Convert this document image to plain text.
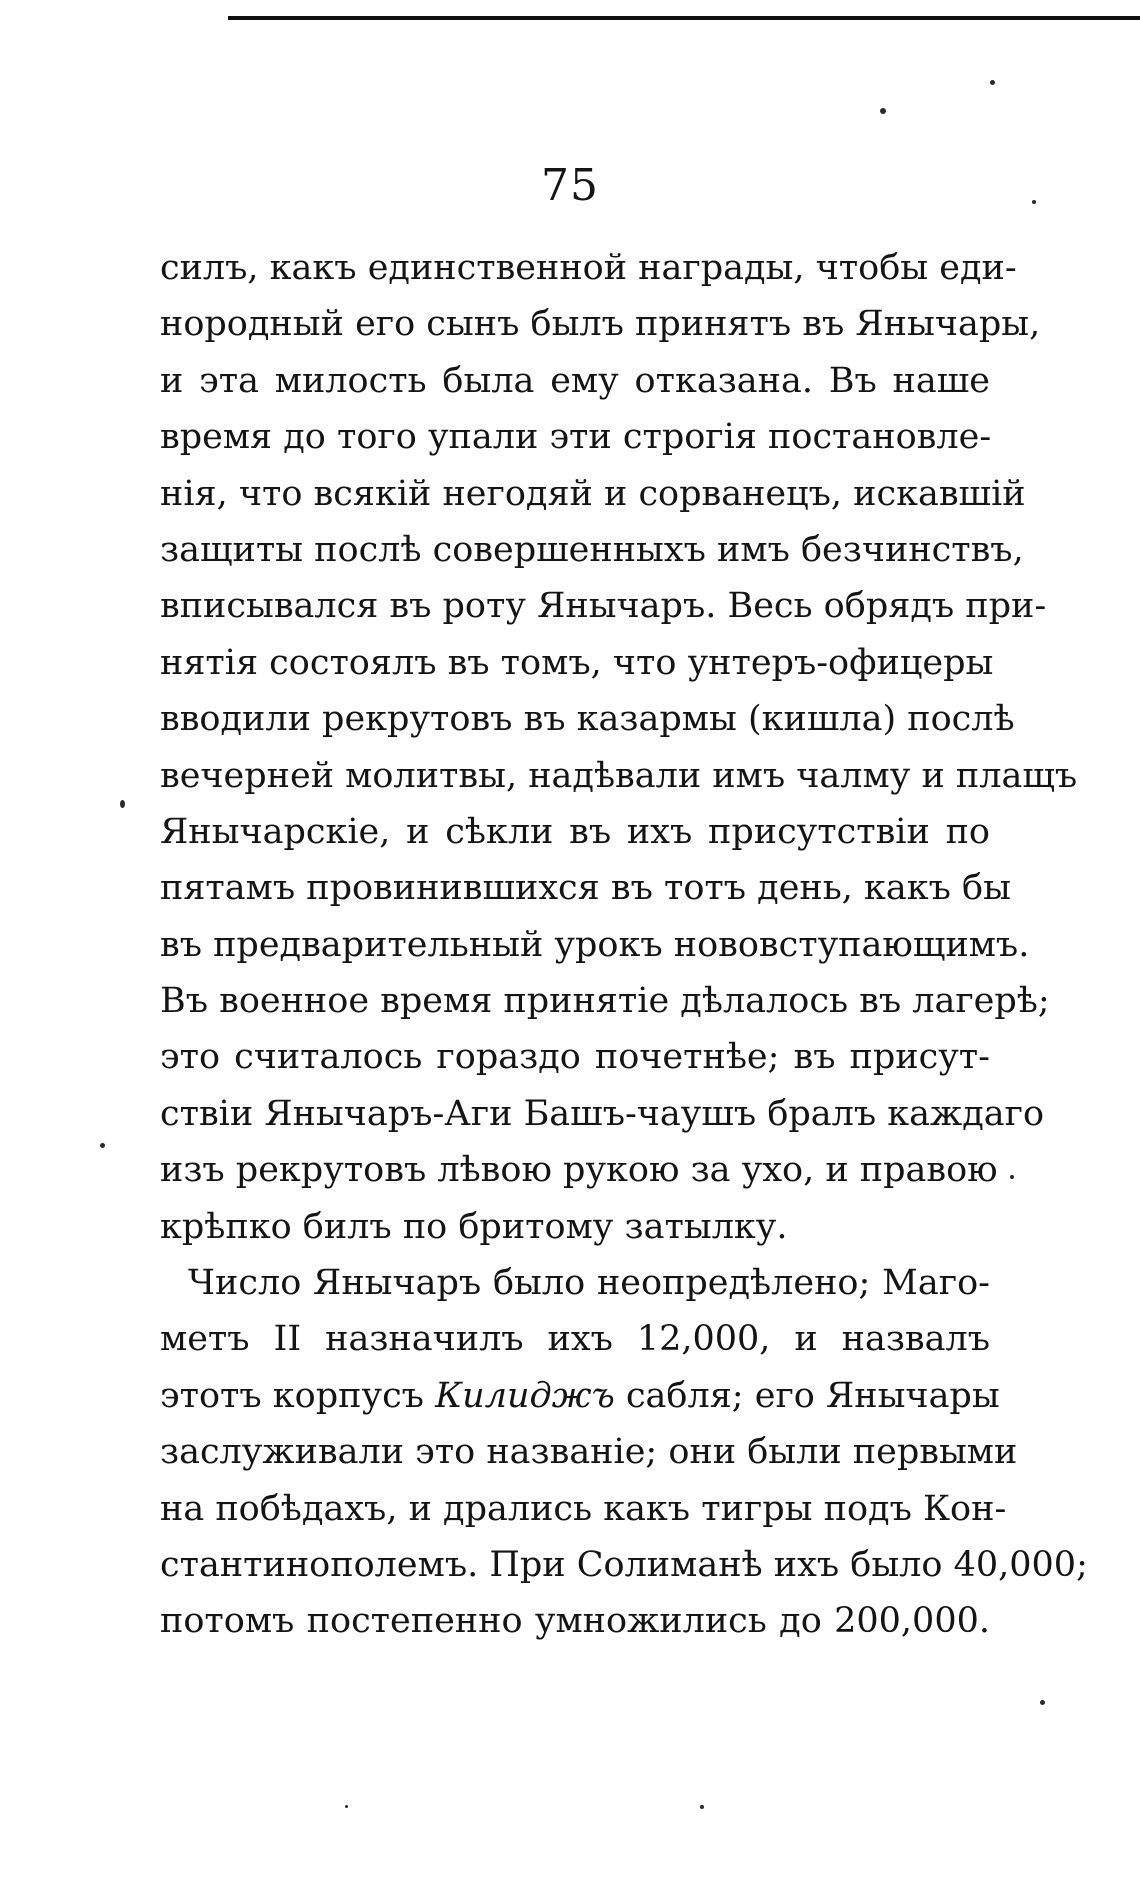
75
силъ, какъ единственной награды, чтобы еди-
нородный его сынъ былъ принятъ въ Янычары,
и эта милость была ему отказана. Въ наше
время до того упали эти строгія постановле-
нія, что всякій негодяй и сорванецъ, искавшій
защиты послѣ совершенныхъ имъ безчинствъ,
вписывался въ роту Янычаръ. Весь обрядъ при-
нятія состоялъ въ томъ, что унтеръ-офицеры
вводили рекрутовъ въ казармы (кишла) послѣ
вечерней молитвы, надѣвали имъ чалму и плащъ
Янычарскіе, и сѣкли въ ихъ присутствіи по
пятамъ провинившихся въ тотъ день, какъ бы
въ предварительный урокъ нововступающимъ.
Въ военное время принятіе дѣлалось въ лагерѣ;
это считалось гораздо почетнѣе; въ присут-
ствіи Янычаръ-Аги Башъ-чаушъ бралъ каждаго
изъ рекрутовъ лѣвою рукою за ухо, и правою
крѣпко билъ по бритому затылку.
Число Янычаръ было неопредѣлено; Маго-
метъ II назначилъ ихъ 12,000, и назвалъ
этотъ корпусъ Килиджъ сабля; его Янычары
заслуживали это названіе; они были первыми
на побѣдахъ, и дрались какъ тигры подъ Кон-
стантинополемъ. При Солиманѣ ихъ было 40,000;
потомъ постепенно умножились до 200,000.
